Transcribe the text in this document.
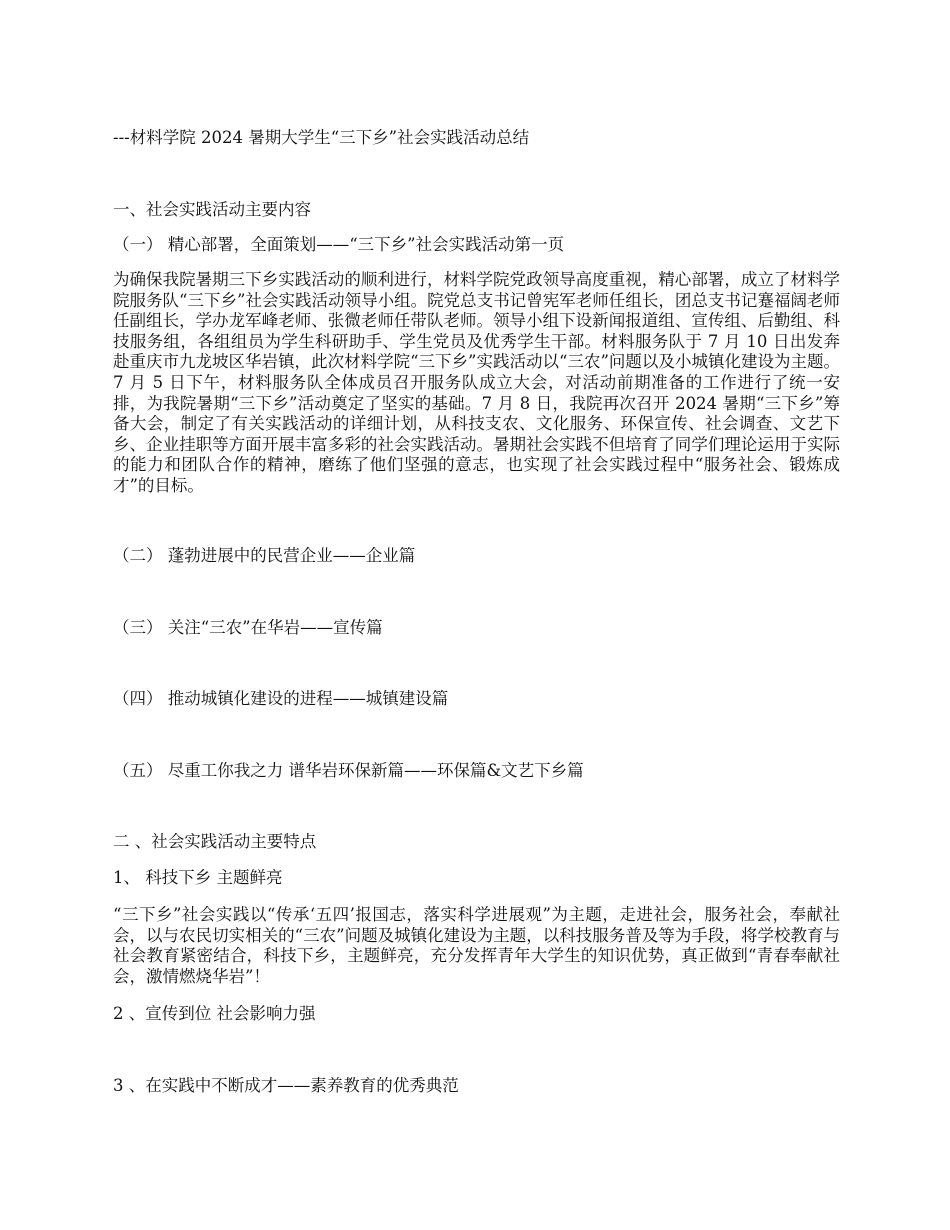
---材料学院 2024 暑期大学生“三下乡”社会实践活动总结
一、社会实践活动主要内容
（一） 精心部署，全面策划——“三下乡”社会实践活动第一页

为确保我院暑期三下乡实践活动的顺利进行，材料学院党政领导高度重视，精心部署，成立了材料学院服务队“三下乡”社会实践活动领导小组。院党总支书记曾宪军老师任组长，团总支书记蹇福阔老师任副组长，学办龙军峰老师、张微老师任带队老师。领导小组下设新闻报道组、宣传组、后勤组、科技服务组，各组组员为学生科研助手、学生党员及优秀学生干部。材料服务队于 7 月 10 日出发奔赴重庆市九龙坡区华岩镇，此次材料学院“三下乡”实践活动以“三农”问题以及小城镇化建设为主题。 7 月 5 日下午，材料服务队全体成员召开服务队成立大会，对活动前期准备的工作进行了统一安排，为我院暑期“三下乡”活动奠定了坚实的基础。7 月 8 日，我院再次召开 2024 暑期“三下乡”筹备大会，制定了有关实践活动的详细计划，从科技支农、文化服务、环保宣传、社会调查、文艺下乡、企业挂职等方面开展丰富多彩的社会实践活动。暑期社会实践不但培育了同学们理论运用于实际的能力和团队合作的精神，磨练了他们坚强的意志，也实现了社会实践过程中“服务社会、锻炼成才”的目标。

（二） 蓬勃进展中的民营企业——企业篇
（三） 关注“三农”在华岩——宣传篇
（四） 推动城镇化建设的进程——城镇建设篇
（五） 尽重工你我之力 谱华岩环保新篇——环保篇&文艺下乡篇
二 、社会实践活动主要特点
1、 科技下乡 主题鲜亮

“三下乡”社会实践以“传承‘五四’报国志，落实科学进展观”为主题，走进社会，服务社会，奉献社会，以与农民切实相关的“三农”问题及城镇化建设为主题，以科技服务普及等为手段，将学校教育与社会教育紧密结合，科技下乡，主题鲜亮，充分发挥青年大学生的知识优势，真正做到“青春奉献社会，激情燃烧华岩”！

2 、宣传到位 社会影响力强
3 、在实践中不断成才——素养教育的优秀典范
